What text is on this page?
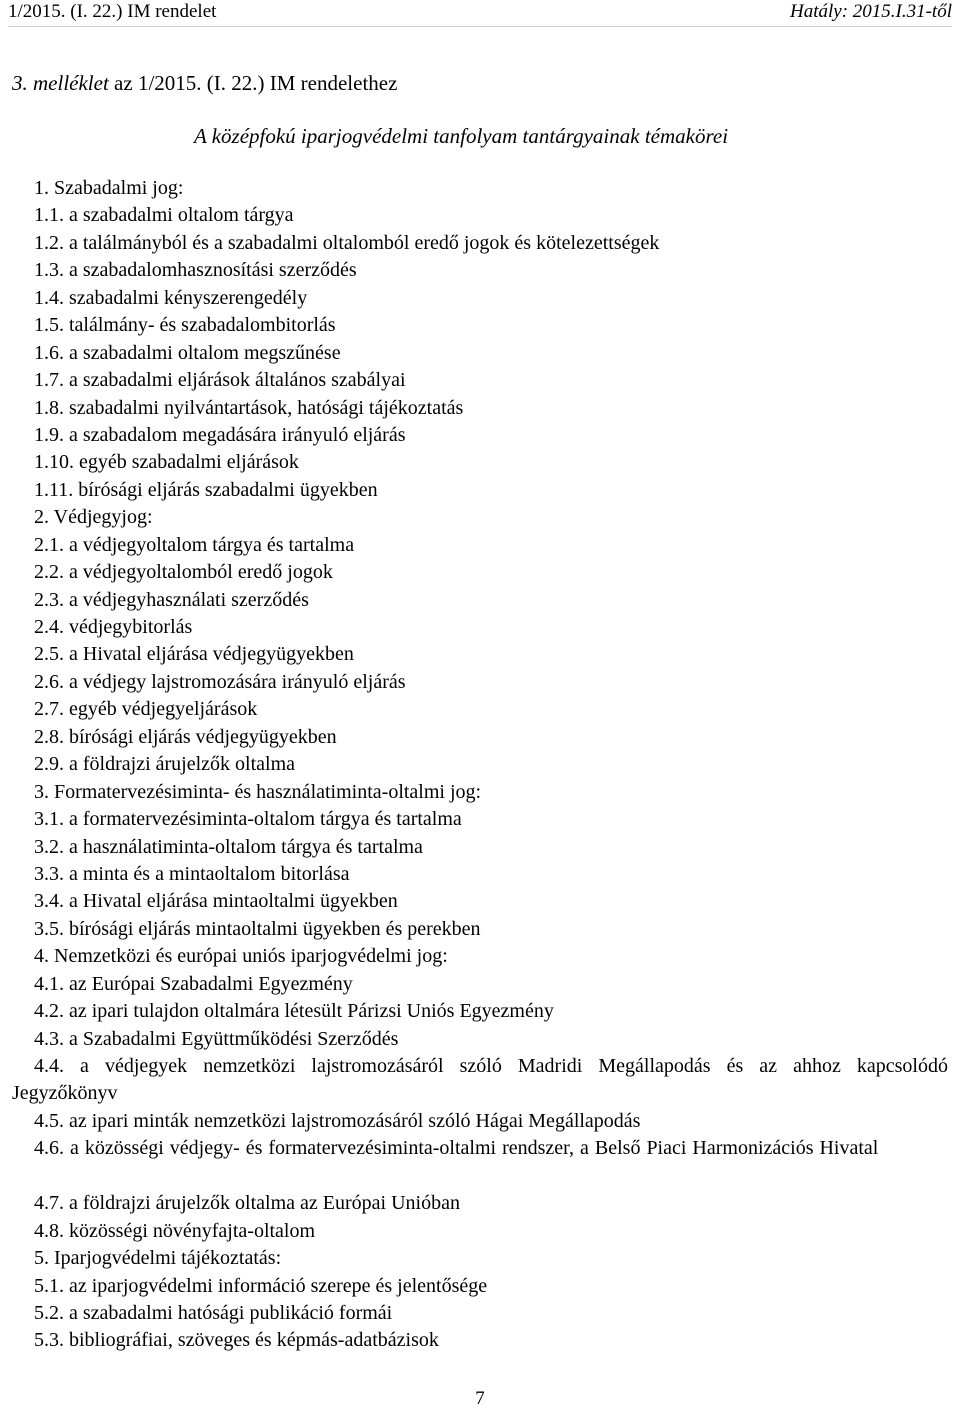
1/2015. (I. 22.) IM rendelet	Hatály: 2015.I.31-től
3. melléklet az 1/2015. (I. 22.) IM rendelethez
A középfokú iparjogvédelmi tanfolyam tantárgyainak témakörei
1. Szabadalmi jog:
1.1. a szabadalmi oltalom tárgya
1.2. a találmányból és a szabadalmi oltalomból eredő jogok és kötelezettségek
1.3. a szabadalomhasznosítási szerződés
1.4. szabadalmi kényszerengedély
1.5. találmány- és szabadalombitorlás
1.6. a szabadalmi oltalom megszűnése
1.7. a szabadalmi eljárások általános szabályai
1.8. szabadalmi nyilvántartások, hatósági tájékoztatás
1.9. a szabadalom megadására irányuló eljárás
1.10. egyéb szabadalmi eljárások
1.11. bírósági eljárás szabadalmi ügyekben
2. Védjegyjog:
2.1. a védjegyoltalom tárgya és tartalma
2.2. a védjegyoltalomból eredő jogok
2.3. a védjegyhasználati szerződés
2.4. védjegybitorlás
2.5. a Hivatal eljárása védjegyügyekben
2.6. a védjegy lajstromozására irányuló eljárás
2.7. egyéb védjegyeljárások
2.8. bírósági eljárás védjegyügyekben
2.9. a földrajzi árujelzők oltalma
3. Formatervezésiminta- és használatiminta-oltalmi jog:
3.1. a formatervezésiminta-oltalom tárgya és tartalma
3.2. a használatiminta-oltalom tárgya és tartalma
3.3. a minta és a mintaoltalom bitorlása
3.4. a Hivatal eljárása mintaoltalmi ügyekben
3.5. bírósági eljárás mintaoltalmi ügyekben és perekben
4. Nemzetközi és európai uniós iparjogvédelmi jog:
4.1. az Európai Szabadalmi Egyezmény
4.2. az ipari tulajdon oltalmára létesült Párizsi Uniós Egyezmény
4.3. a Szabadalmi Együttműködési Szerződés
4.4. a védjegyek nemzetközi lajstromozásáról szóló Madridi Megállapodás és az ahhoz kapcsolódó Jegyzőkönyv
4.5. az ipari minták nemzetközi lajstromozásáról szóló Hágai Megállapodás
4.6. a közösségi védjegy- és formatervezésiminta-oltalmi rendszer, a Belső Piaci Harmonizációs Hivatal
4.7. a földrajzi árujelzők oltalma az Európai Unióban
4.8. közösségi növényfajta-oltalom
5. Iparjogvédelmi tájékoztatás:
5.1. az iparjogvédelmi információ szerepe és jelentősége
5.2. a szabadalmi hatósági publikáció formái
5.3. bibliográfiai, szöveges és képmás-adatbázisok
7
